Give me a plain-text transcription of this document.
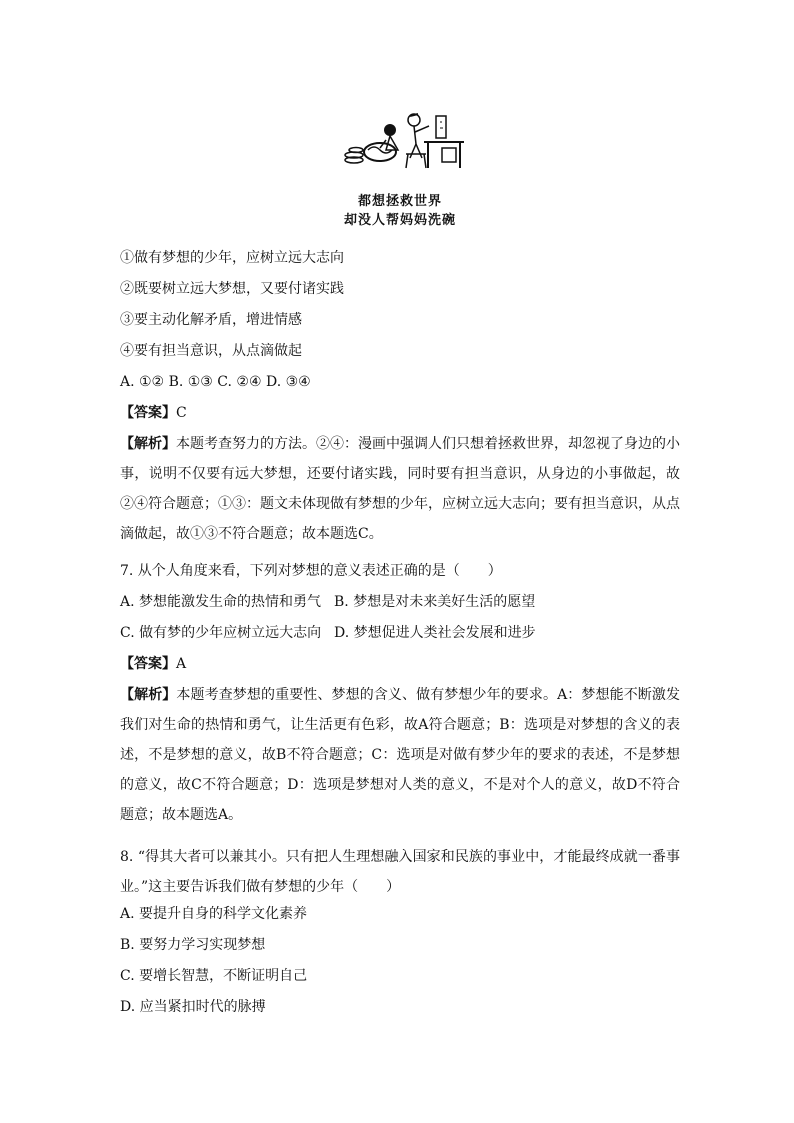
都想拯救世界
却没人帮妈妈洗碗
①做有梦想的少年，应树立远大志向
②既要树立远大梦想，又要付诸实践
③要主动化解矛盾，增进情感
④要有担当意识，从点滴做起
A. ①② B. ①③ C. ②④ D. ③④
【答案】C
【解析】本题考查努力的方法。②④：漫画中强调人们只想着拯救世界，却忽视了身边的小事，说明不仅要有远大梦想，还要付诸实践，同时要有担当意识，从身边的小事做起，故②④符合题意；①③：题文未体现做有梦想的少年，应树立远大志向；要有担当意识，从点滴做起，故①③不符合题意；故本题选C。
7. 从个人角度来看，下列对梦想的意义表述正确的是（　　）
A. 梦想能激发生命的热情和勇气 B. 梦想是对未来美好生活的愿望
C. 做有梦的少年应树立远大志向 D. 梦想促进人类社会发展和进步
【答案】A
【解析】本题考查梦想的重要性、梦想的含义、做有梦想少年的要求。A：梦想能不断激发我们对生命的热情和勇气，让生活更有色彩，故A符合题意；B：选项是对梦想的含义的表述，不是梦想的意义，故B不符合题意；C：选项是对做有梦少年的要求的表述，不是梦想的意义，故C不符合题意；D：选项是梦想对人类的意义，不是对个人的意义，故D不符合题意；故本题选A。
8. “得其大者可以兼其小。只有把人生理想融入国家和民族的事业中，才能最终成就一番事业。”这主要告诉我们做有梦想的少年（　　）
A. 要提升自身的科学文化素养
B. 要努力学习实现梦想
C. 要增长智慧，不断证明自己
D. 应当紧扣时代的脉搏
